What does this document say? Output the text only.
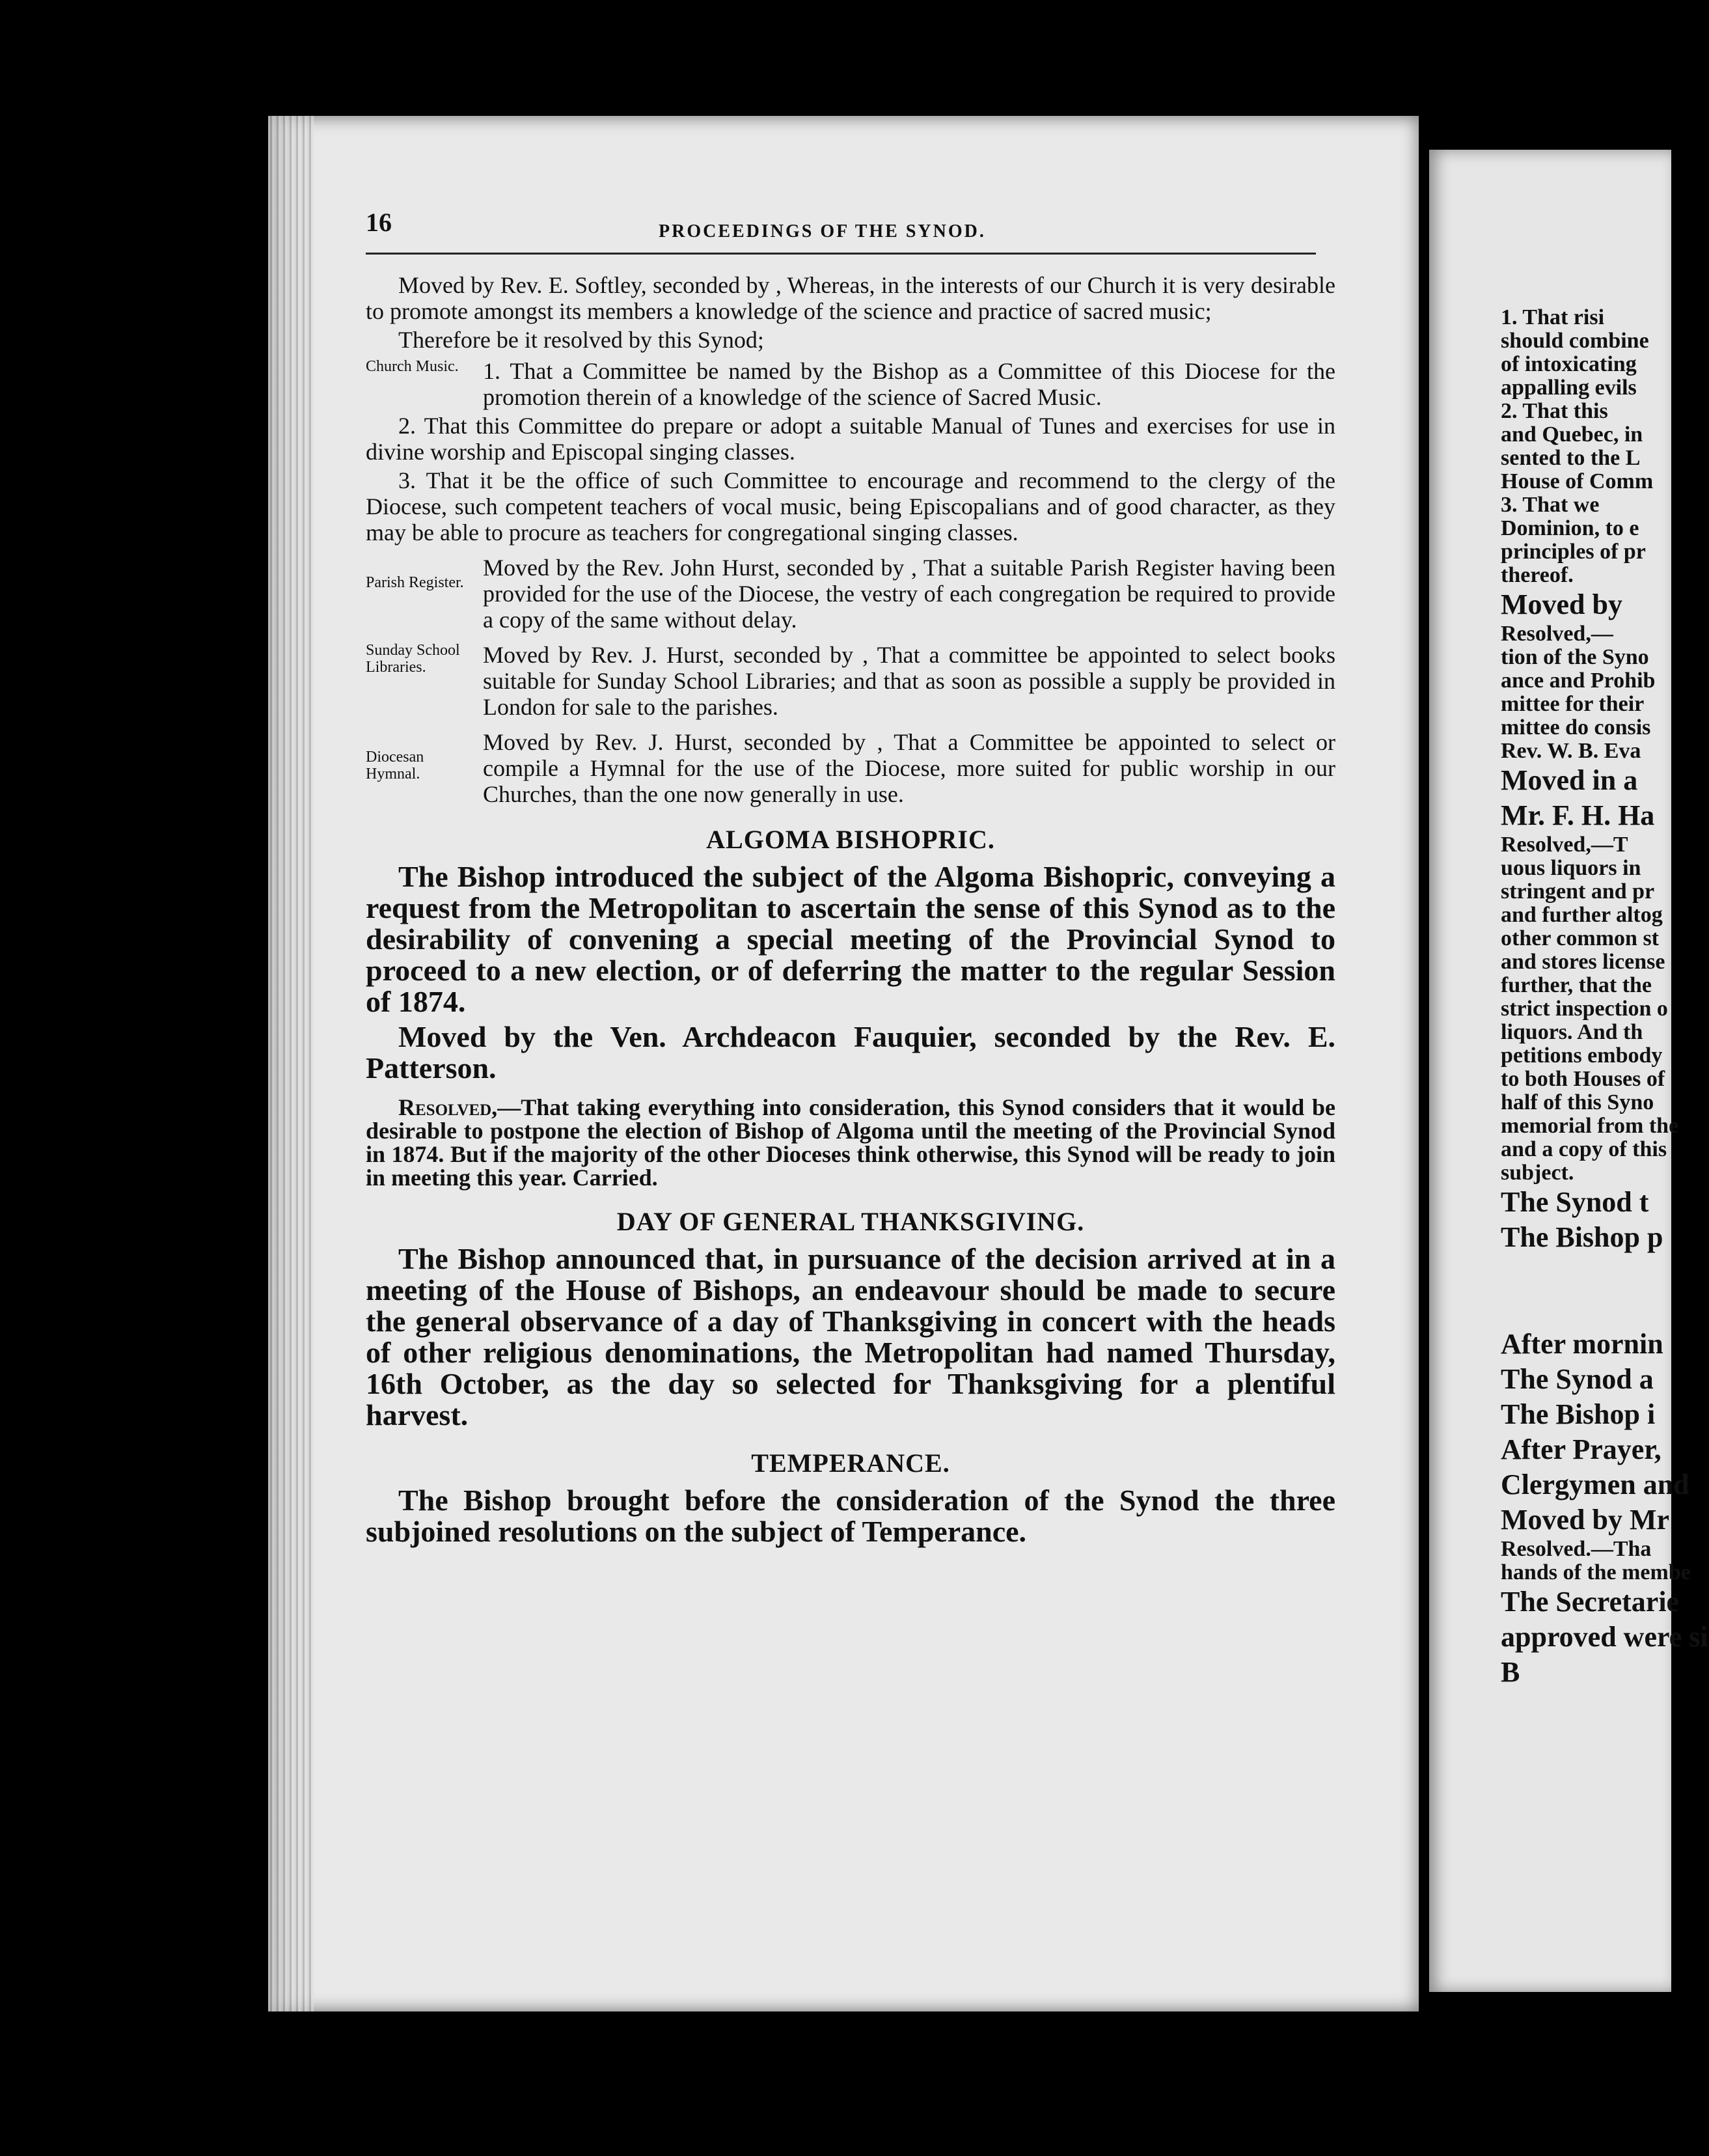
16	PROCEEDINGS OF THE SYNOD.

Moved by Rev. E. Softley, seconded by , Whereas, in the interests of our Church it is very desirable to promote amongst its members a knowledge of the science and practice of sacred music;

Therefore be it resolved by this Synod;

Church Music.	1. That a Committee be named by the Bishop as a Committee of this Diocese for the promotion therein of a knowledge of the science of Sacred Music.

2. That this Committee do prepare or adopt a suitable Manual of Tunes and exercises for use in divine worship and Episcopal singing classes.

3. That it be the office of such Committee to encourage and recommend to the clergy of the Diocese, such competent teachers of vocal music, being Episcopalians and of good character, as they may be able to procure as teachers for congregational singing classes.

Parish Register.

Moved by the Rev. John Hurst, seconded by , That a suitable Parish Register having been provided for the use of the Diocese, the vestry of each congregation be required to provide a copy of the same without delay.

Sunday School Libraries.	Moved by Rev. J. Hurst, seconded by , That a committee be appointed to select books suitable for Sunday School Libraries; and that as soon as possible a supply be provided in London for sale to the parishes.

Diocesan Hymnal.

Moved by Rev. J. Hurst, seconded by , That a Committee be appointed to select or compile a Hymnal for the use of the Diocese, more suited for public worship in our Churches, than the one now generally in use.

ALGOMA BISHOPRIC.

The Bishop introduced the subject of the Algoma Bishopric, conveying a request from the Metropolitan to ascertain the sense of this Synod as to the desirability of convening a special meeting of the Provincial Synod to proceed to a new election, or of deferring the matter to the regular Session of 1874.

Moved by the Ven. Archdeacon Fauquier, seconded by the Rev. E. Patterson.

Resolved,—That taking everything into consideration, this Synod considers that it would be desirable to postpone the election of Bishop of Algoma until the meeting of the Provincial Synod in 1874. But if the majority of the other Dioceses think otherwise, this Synod will be ready to join in meeting this year. Carried.

DAY OF GENERAL THANKSGIVING.

The Bishop announced that, in pursuance of the decision arrived at in a meeting of the House of Bishops, an endeavour should be made to secure the general observance of a day of Thanksgiving in concert with the heads of other religious denominations, the Metropolitan had named Thursday, 16th October, as the day so selected for Thanksgiving for a plentiful harvest.

TEMPERANCE.

The Bishop brought before the consideration of the Synod the three subjoined resolutions on the subject of Temperance.

1. That risi
should combine
of intoxicating
appalling evils
2. That this
and Quebec, in
sented to the L
House of Comm
3. That we
Dominion, to e
principles of pr
thereof.
Moved by
Resolved,—
tion of the Syno
ance and Prohib
mittee for their
mittee do consis
Rev. W. B. Eva
Moved in a
Mr. F. H. Ha
Resolved,—T
uous liquors in
stringent and pr
and further altog
other common st
and stores license
further, that the
strict inspection o
liquors. And th
petitions embody
to both Houses of
half of this Syno
memorial from the
and a copy of this
subject.
The Synod t
The Bishop p
After mornin
The Synod a
The Bishop i
After Prayer,
Clergymen and
Moved by Mr
Resolved.—Tha
hands of the membe
The Secretarie
approved were si
B
